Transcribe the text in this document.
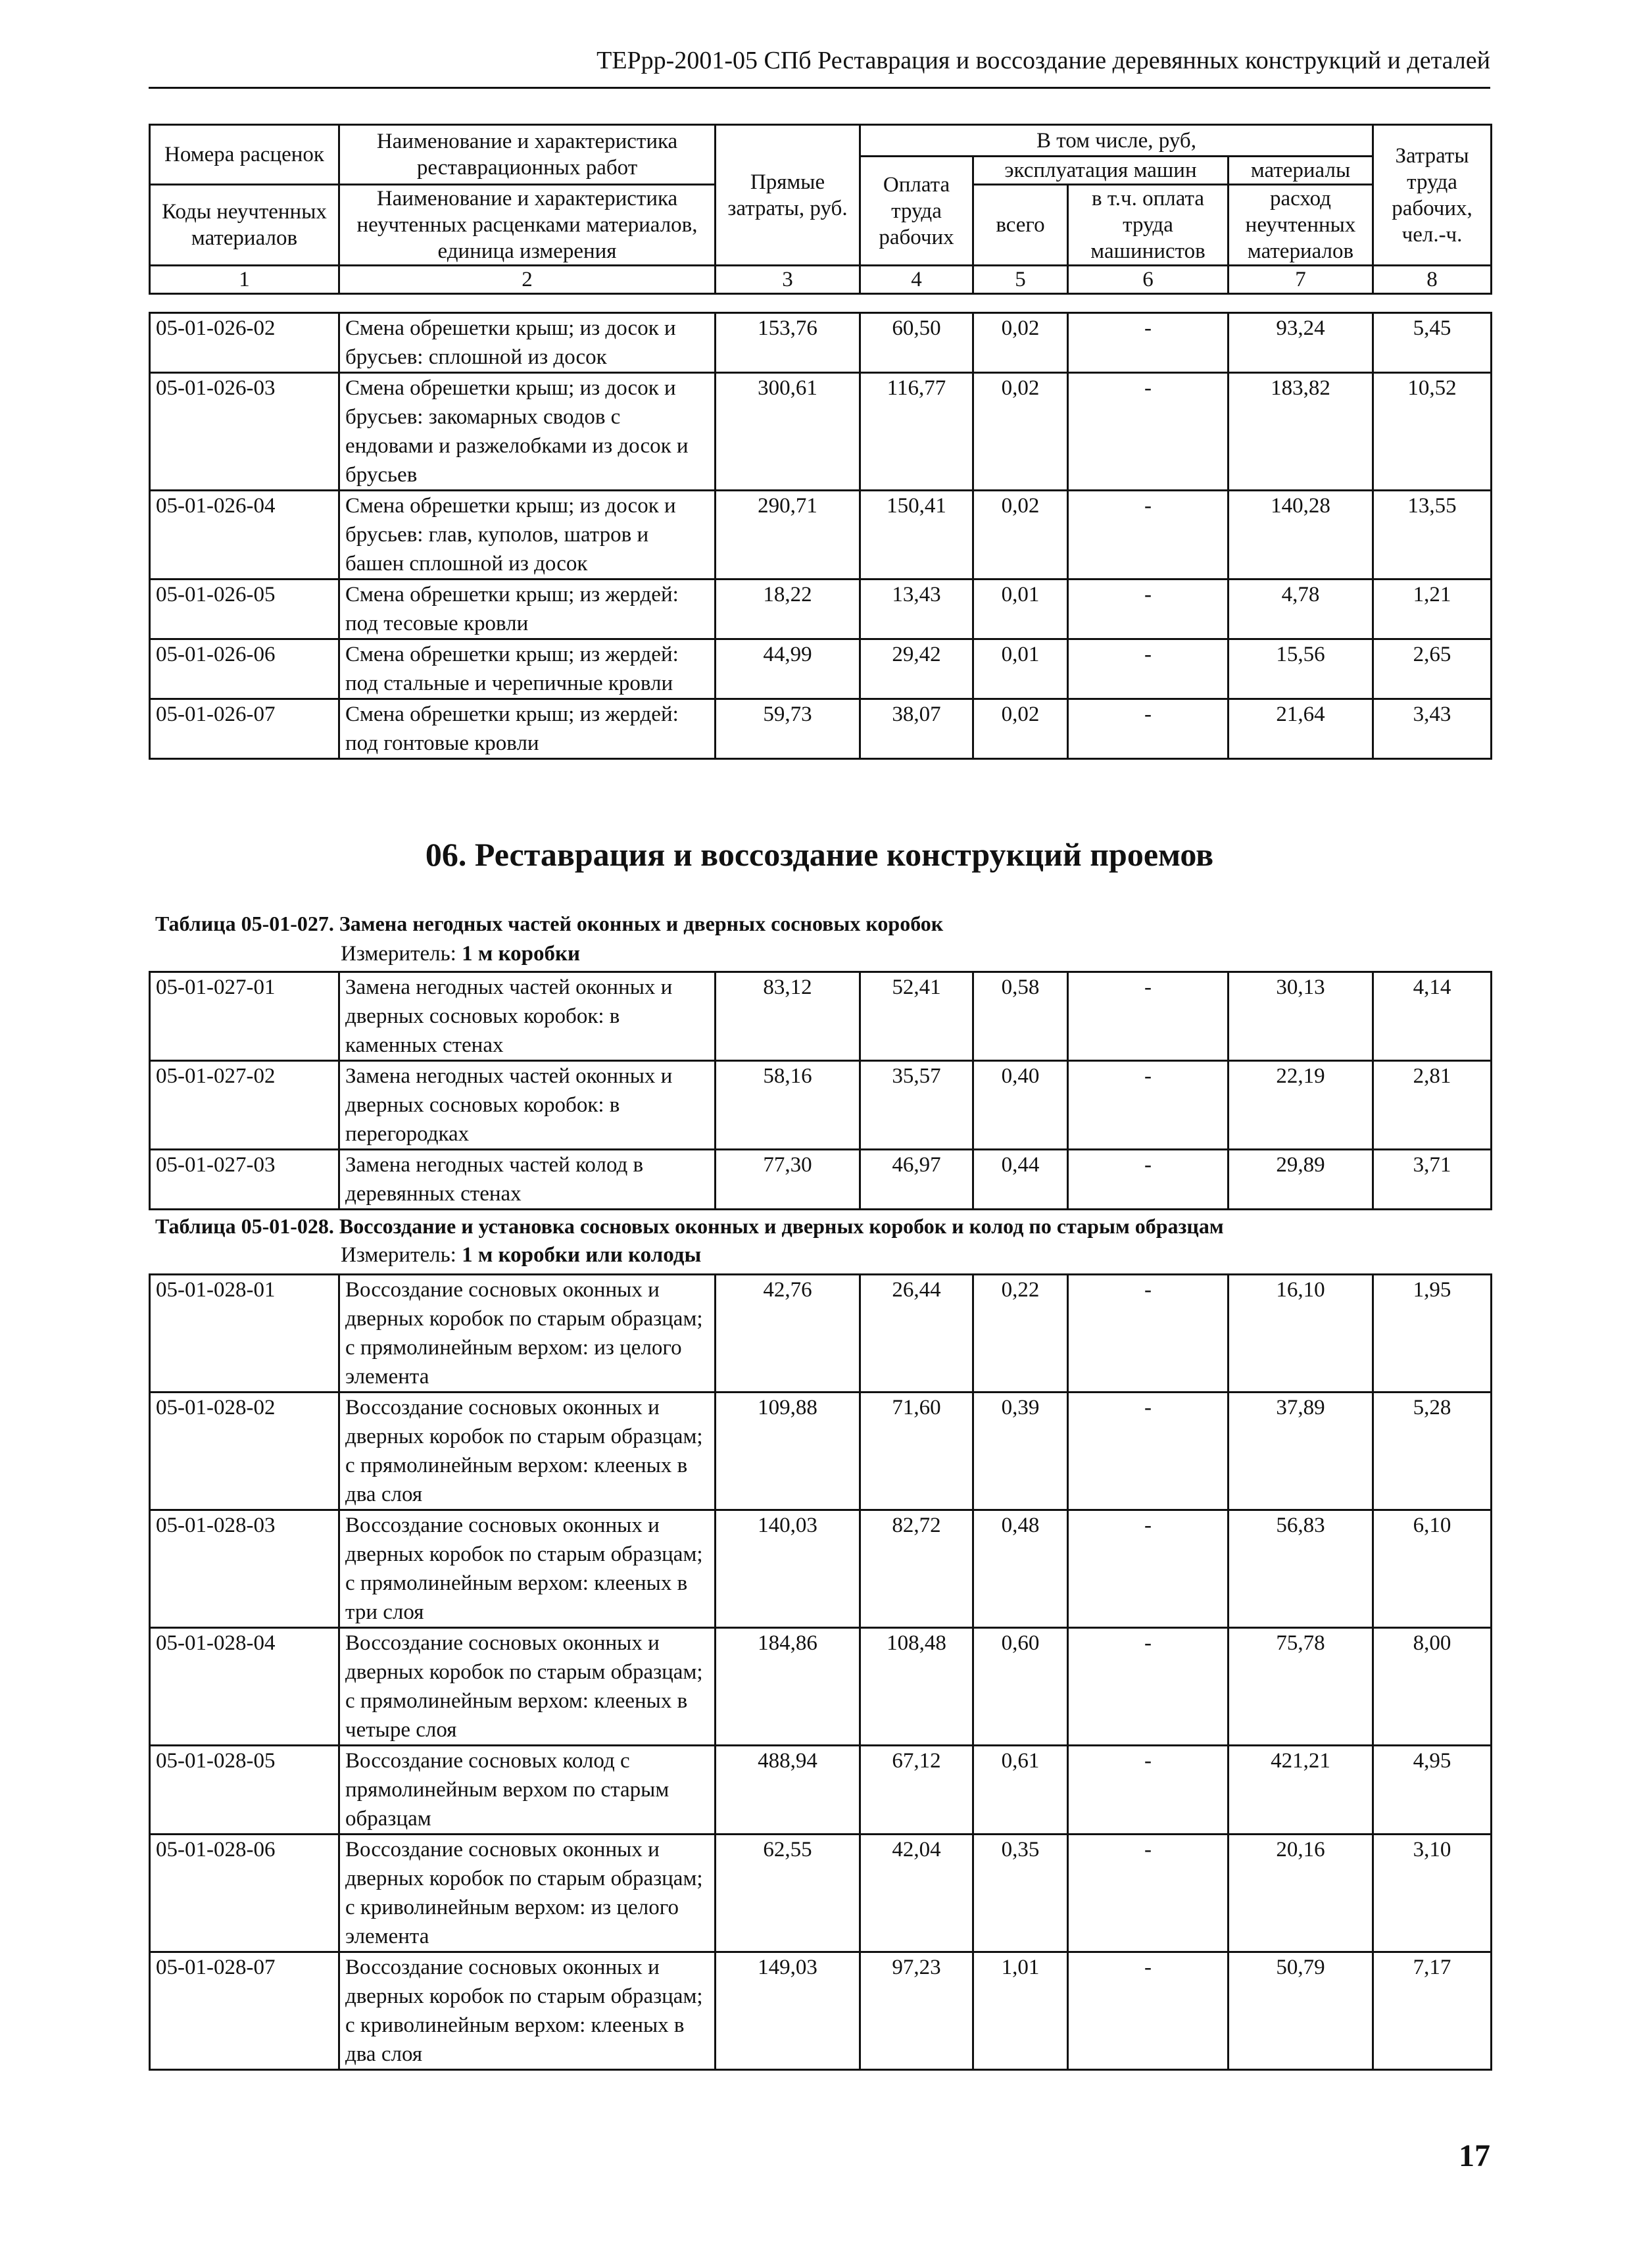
ТЕРрр-2001-05 СПб Реставрация и воссоздание деревянных конструкций и деталей
Номера расценок	Наименование и характеристика реставрационных работ	Прямые затраты, руб.	В том числе, руб,				Затраты труда рабочих, чел.-ч.
			Оплата труда рабочих	эксплуатация машин		материалы	
Коды неучтенных материалов	Наименование и характеристика неучтенных расценками материалов, единица измерения			всего	в т.ч. оплата труда машинистов	расход неучтенных материалов	

1	2	3	4	5	6	7	8
05-01-026-02	Смена обрешетки крыш; из досок и брусьев: сплошной из досок	153,76	60,50	0,02	-	93,24	5,45
05-01-026-03	Смена обрешетки крыш; из досок и брусьев: закомарных сводов с ендовами и разжелобками из досок и брусьев	300,61	116,77	0,02	-	183,82	10,52
05-01-026-04	Смена обрешетки крыш; из досок и брусьев: глав, куполов, шатров и башен сплошной из досок	290,71	150,41	0,02	-	140,28	13,55
05-01-026-05	Смена обрешетки крыш; из жердей: под тесовые кровли	18,22	13,43	0,01	-	4,78	1,21
05-01-026-06	Смена обрешетки крыш; из жердей: под стальные и черепичные кровли	44,99	29,42	0,01	-	15,56	2,65
05-01-026-07	Смена обрешетки крыш; из жердей: под гонтовые кровли	59,73	38,07	0,02	-	21,64	3,43
06. Реставрация и воссоздание конструкций проемов
Таблица 05-01-027. Замена негодных частей оконных и дверных сосновых коробок
Измеритель: 1 м коробки
05-01-027-01	Замена негодных частей оконных и дверных сосновых коробок: в каменных стенах	83,12	52,41	0,58	-	30,13	4,14
05-01-027-02	Замена негодных частей оконных и дверных сосновых коробок: в перегородках	58,16	35,57	0,40	-	22,19	2,81
05-01-027-03	Замена негодных частей колод в деревянных стенах	77,30	46,97	0,44	-	29,89	3,71
Таблица 05-01-028. Воссоздание и установка сосновых оконных и дверных коробок и колод по старым образцам
Измеритель: 1 м коробки или колоды
05-01-028-01	Воссоздание сосновых оконных и дверных коробок по старым образцам; с прямолинейным верхом: из целого элемента	42,76	26,44	0,22	-	16,10	1,95
05-01-028-02	Воссоздание сосновых оконных и дверных коробок по старым образцам; с прямолинейным верхом: клееных в два слоя	109,88	71,60	0,39	-	37,89	5,28
05-01-028-03	Воссоздание сосновых оконных и дверных коробок по старым образцам; с прямолинейным верхом: клееных в три слоя	140,03	82,72	0,48	-	56,83	6,10
05-01-028-04	Воссоздание сосновых оконных и дверных коробок по старым образцам; с прямолинейным верхом: клееных в четыре слоя	184,86	108,48	0,60	-	75,78	8,00
05-01-028-05	Воссоздание сосновых колод с прямолинейным верхом по старым образцам	488,94	67,12	0,61	-	421,21	4,95
05-01-028-06	Воссоздание сосновых оконных и дверных коробок по старым образцам; с криволинейным верхом: из целого элемента	62,55	42,04	0,35	-	20,16	3,10
05-01-028-07	Воссоздание сосновых оконных и дверных коробок по старым образцам; с криволинейным верхом: клееных в два слоя	149,03	97,23	1,01	-	50,79	7,17
17
